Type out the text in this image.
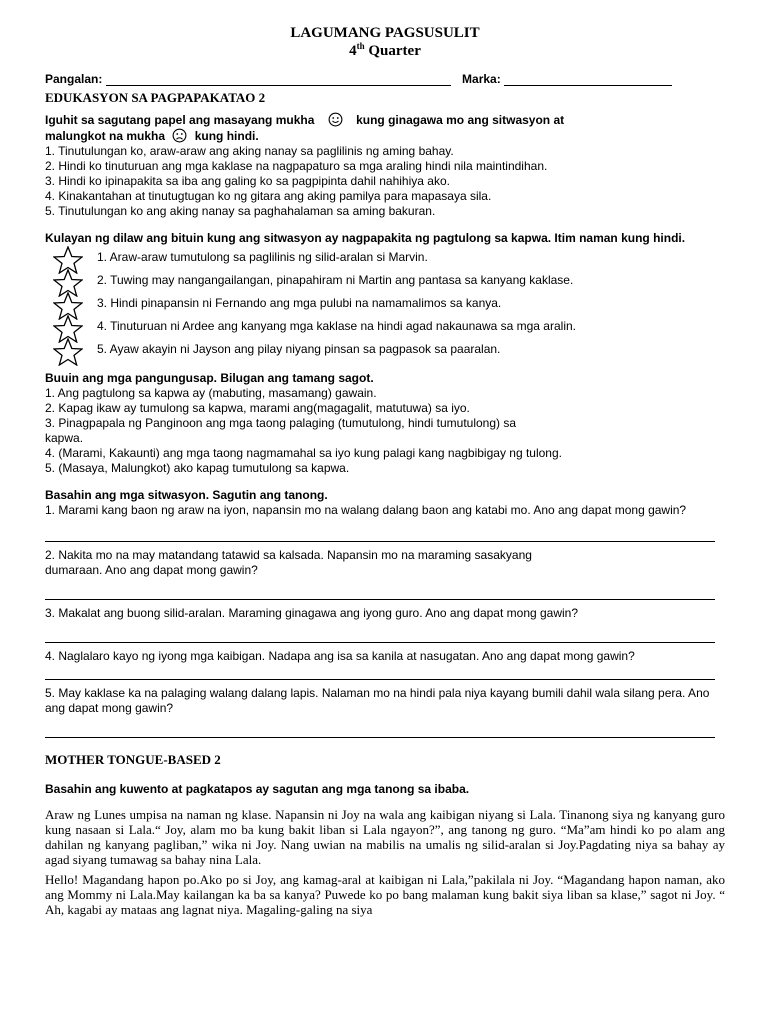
LAGUMANG PAGSUSULIT
4th Quarter
Pangalan:	Marka:
EDUKASYON SA PAGPAPAKATAO 2
Iguhit sa sagutang papel ang masayang mukha	kung ginagawa mo ang sitwasyon at
malungkot na mukha kung hindi.
1. Tinutulungan ko, araw-araw ang aking nanay sa paglilinis ng aming bahay.
2. Hindi ko tinuturuan ang mga kaklase na nagpapaturo sa mga araling hindi nila maintindihan.
3. Hindi ko ipinapakita sa iba ang galing ko sa pagpipinta dahil nahihiya ako.
4. Kinakantahan at tinutugtugan ko ng gitara ang aking pamilya para mapasaya sila.
5. Tinutulungan ko ang aking nanay sa paghahalaman sa aming bakuran.
Kulayan ng dilaw ang bituin kung ang sitwasyon ay nagpapakita ng pagtulong sa kapwa. Itim naman kung hindi.
1. Araw-araw tumutulong sa paglilinis ng silid-aralan si Marvin.
2. Tuwing may nangangailangan, pinapahiram ni Martin ang pantasa sa kanyang kaklase.
3. Hindi pinapansin ni Fernando ang mga pulubi na namamalimos sa kanya.
4. Tinuturuan ni Ardee ang kanyang mga kaklase na hindi agad nakaunawa sa mga aralin.
5. Ayaw akayin ni Jayson ang pilay niyang pinsan sa pagpasok sa paaralan.
Buuin ang mga pangungusap. Bilugan ang tamang sagot.
1. Ang pagtulong sa kapwa ay (mabuting, masamang) gawain.
2. Kapag ikaw ay tumulong sa kapwa, marami ang(magagalit, matutuwa) sa iyo.
3. Pinagpapala ng Panginoon ang mga taong palaging (tumutulong, hindi tumutulong) sa
kapwa.
4. (Marami, Kakaunti) ang mga taong nagmamahal sa iyo kung palagi kang nagbibigay ng tulong.
5. (Masaya, Malungkot) ako kapag tumutulong sa kapwa.
Basahin ang mga sitwasyon. Sagutin ang tanong.
1. Marami kang baon ng araw na iyon, napansin mo na walang dalang baon ang katabi mo. Ano ang dapat mong gawin?
2. Nakita mo na may matandang tatawid sa kalsada. Napansin mo na maraming sasakyang
dumaraan. Ano ang dapat mong gawin?
3. Makalat ang buong silid-aralan. Maraming ginagawa ang iyong guro. Ano ang dapat mong gawin?
4. Naglalaro kayo ng iyong mga kaibigan. Nadapa ang isa sa kanila at nasugatan. Ano ang dapat mong gawin?
5. May kaklase ka na palaging walang dalang lapis. Nalaman mo na hindi pala niya kayang bumili dahil wala silang pera. Ano ang dapat mong gawin?
MOTHER TONGUE-BASED 2
Basahin ang kuwento at pagkatapos ay sagutan ang mga tanong sa ibaba.
Araw ng Lunes umpisa na naman ng klase. Napansin ni Joy na wala ang kaibigan niyang si Lala. Tinanong siya ng kanyang guro kung nasaan si Lala.“ Joy, alam mo ba kung bakit liban si Lala ngayon?”, ang tanong ng guro. “Ma”am hindi ko po alam ang dahilan ng kanyang pagliban,” wika ni Joy. Nang uwian na mabilis na umalis ng silid-aralan si Joy.Pagdating niya sa bahay ay agad siyang tumawag sa bahay nina Lala.
Hello! Magandang hapon po.Ako po si Joy, ang kamag-aral at kaibigan ni Lala,”pakilala ni Joy. “Magandang hapon naman, ako ang Mommy ni Lala.May kailangan ka ba sa kanya? Puwede ko po bang malaman kung bakit siya liban sa klase,” sagot ni Joy. “ Ah, kagabi ay mataas ang lagnat niya. Magaling-galing na siya
